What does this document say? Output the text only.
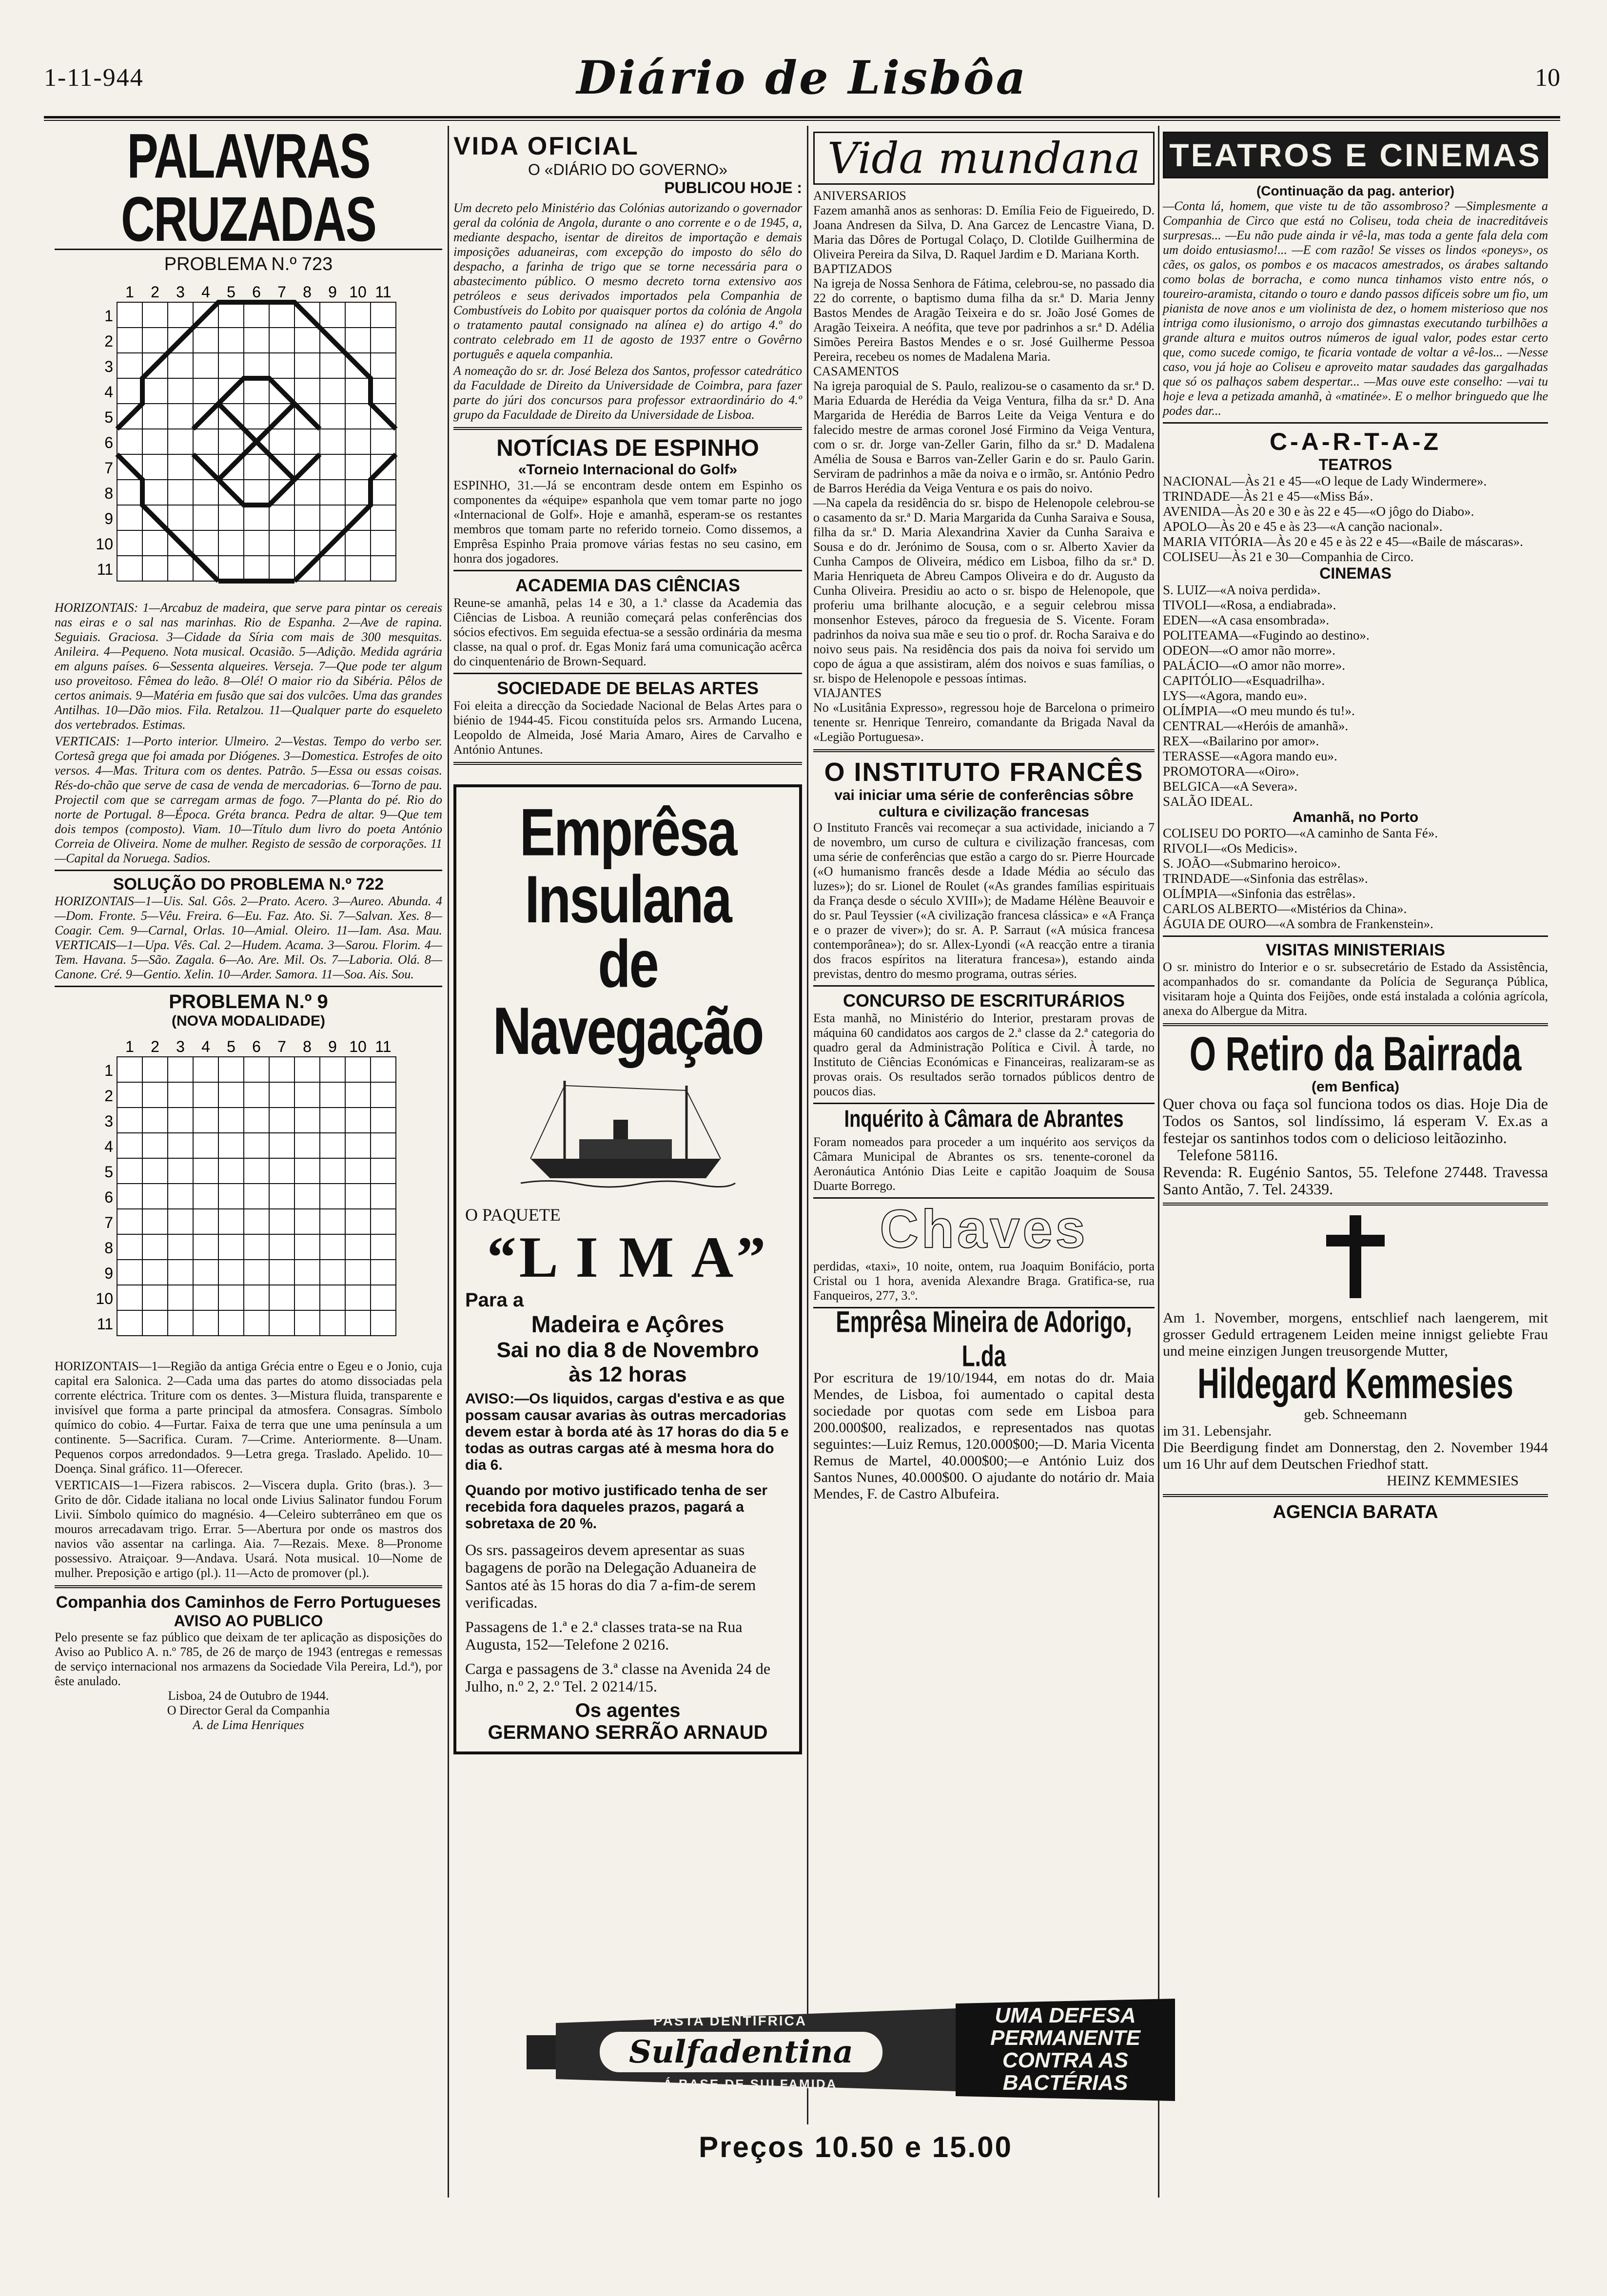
1-11-944	Diário de Lisbôa	10
PALAVRAS CRUZADAS
PROBLEMA N.º 723
1
1
2
2
3
3
4
4
5
5
6
6
7
7
8
8
9
9
10
10
11
11
HORIZONTAIS: 1—Arcabuz de madeira, que serve para pintar os cereais nas eiras e o sal nas marinhas. Rio de Espanha. 2—Ave de rapina. Seguiais. Graciosa. 3—Cidade da Síria com mais de 300 mesquitas. Anileira. 4—Pequeno. Nota musical. Ocasião. 5—Adição. Medida agrária em alguns países. 6—Sessenta alqueires. Verseja. 7—Que pode ter algum uso proveitoso. Fêmea do leão. 8—Olé! O maior rio da Sibéria. Pêlos de certos animais. 9—Matéria em fusão que sai dos vulcões. Uma das grandes Antilhas. 10—Dão mios. Fila. Retalzou. 11—Qualquer parte do esqueleto dos vertebrados. Estimas.
VERTICAIS: 1—Porto interior. Ulmeiro. 2—Vestas. Tempo do verbo ser. Cortesã grega que foi amada por Diógenes. 3—Domestica. Estrofes de oito versos. 4—Mas. Tritura com os dentes. Patrão. 5—Essa ou essas coisas. Rés-do-chão que serve de casa de venda de mercadorias. 6—Torno de pau. Projectil com que se carregam armas de fogo. 7—Planta do pé. Rio do norte de Portugal. 8—Época. Gréta branca. Pedra de altar. 9—Que tem dois tempos (composto). Viam. 10—Título dum livro do poeta António Correia de Oliveira. Nome de mulher. Registo de sessão de corporações. 11—Capital da Noruega. Sadios.
SOLUÇÃO DO PROBLEMA N.º 722
HORIZONTAIS—1—Uis. Sal. Gôs. 2—Prato. Acero. 3—Aureo. Abunda. 4—Dom. Fronte. 5—Vêu. Freira. 6—Eu. Faz. Ato. Si. 7—Salvan. Xes. 8—Coagir. Cem. 9—Carnal, Orlas. 10—Amial. Oleiro. 11—Iam. Asa. Mau. VERTICAIS—1—Upa. Vês. Cal. 2—Hudem. Acama. 3—Sarou. Florim. 4—Tem. Havana. 5—São. Zagala. 6—Ao. Are. Mil. Os. 7—Laboria. Olá. 8—Canone. Cré. 9—Gentio. Xelin. 10—Arder. Samora. 11—Soa. Ais. Sou.
PROBLEMA N.º 9
(NOVA MODALIDADE)
1
1
2
2
3
3
4
4
5
5
6
6
7
7
8
8
9
9
10
10
11
11
HORIZONTAIS—1—Região da antiga Grécia entre o Egeu e o Jonio, cuja capital era Salonica. 2—Cada uma das partes do atomo dissociadas pela corrente eléctrica. Triture com os dentes. 3—Mistura fluida, transparente e invisível que forma a parte principal da atmosfera. Consagras. Símbolo químico do cobio. 4—Furtar. Faixa de terra que une uma península a um continente. 5—Sacrifica. Curam. 7—Crime. Anteriormente. 8—Unam. Pequenos corpos arredondados. 9—Letra grega. Traslado. Apelido. 10—Doença. Sinal gráfico. 11—Oferecer.
VERTICAIS—1—Fizera rabiscos. 2—Viscera dupla. Grito (bras.). 3—Grito de dôr. Cidade italiana no local onde Livius Salinator fundou Forum Livii. Símbolo químico do magnésio. 4—Celeiro subterrâneo em que os mouros arrecadavam trigo. Errar. 5—Abertura por onde os mastros dos navios vão assentar na carlinga. Aia. 7—Rezais. Mexe. 8—Pronome possessivo. Atraiçoar. 9—Andava. Usará. Nota musical. 10—Nome de mulher. Preposição e artigo (pl.). 11—Acto de promover (pl.).
Companhia dos Caminhos de Ferro Portugueses
AVISO AO PUBLICO
Pelo presente se faz público que deixam de ter aplicação as disposições do Aviso ao Publico A. n.º 785, de 26 de março de 1943 (entregas e remessas de serviço internacional nos armazens da Sociedade Vila Pereira, Ld.ª), por êste anulado.
Lisboa, 24 de Outubro de 1944.
O Director Geral da Companhia
A. de Lima Henriques
VIDA OFICIAL
O «DIÁRIO DO GOVERNO»
PUBLICOU HOJE :
Um decreto pelo Ministério das Colónias autorizando o governador geral da colónia de Angola, durante o ano corrente e o de 1945, a, mediante despacho, isentar de direitos de importação e demais imposições aduaneiras, com excepção do imposto do sêlo do despacho, a farinha de trigo que se torne necessária para o abastecimento público. O mesmo decreto torna extensivo aos petróleos e seus derivados importados pela Companhia de Combustíveis do Lobito por quaisquer portos da colónia de Angola o tratamento pautal consignado na alínea e) do artigo 4.º do contrato celebrado em 11 de agosto de 1937 entre o Govêrno português e aquela companhia.
A nomeação do sr. dr. José Beleza dos Santos, professor catedrático da Faculdade de Direito da Universidade de Coimbra, para fazer parte do júri dos concursos para professor extraordinário do 4.º grupo da Faculdade de Direito da Universidade de Lisboa.
NOTÍCIAS DE ESPINHO
«Torneio Internacional do Golf»
ESPINHO, 31.—Já se encontram desde ontem em Espinho os componentes da «équipe» espanhola que vem tomar parte no jogo «Internacional de Golf». Hoje e amanhã, esperam-se os restantes membros que tomam parte no referido torneio. Como dissemos, a Emprêsa Espinho Praia promove várias festas no seu casino, em honra dos jogadores.
ACADEMIA DAS CIÊNCIAS
Reune-se amanhã, pelas 14 e 30, a 1.ª classe da Academia das Ciências de Lisboa. A reunião começará pelas conferências dos sócios efectivos. Em seguida efectua-se a sessão ordinária da mesma classe, na qual o prof. dr. Egas Moniz fará uma comunicação acêrca do cinquentenário de Brown-Sequard.
SOCIEDADE DE BELAS ARTES
Foi eleita a direcção da Sociedade Nacional de Belas Artes para o biénio de 1944-45. Ficou constituída pelos srs. Armando Lucena, Leopoldo de Almeida, José Maria Amaro, Aires de Carvalho e António Antunes.
Emprêsa Insulana
de Navegação
O PAQUETE
“L I M A”
Para a
Madeira e Açôres
Sai no dia 8 de Novembro
às 12 horas
AVISO:—Os liquidos, cargas d'estiva e as que possam causar avarias às outras mercadorias devem estar à borda até às 17 horas do dia 5 e todas as outras cargas até à mesma hora do dia 6.
Quando por motivo justificado tenha de ser recebida fora daqueles prazos, pagará a sobretaxa de 20 %.
Os srs. passageiros devem apresentar as suas bagagens de porão na Delegação Aduaneira de Santos até às 15 horas do dia 7 a-fim-de serem verificadas.
Passagens de 1.ª e 2.ª classes trata-se na Rua Augusta, 152—Telefone 2 0216.
Carga e passagens de 3.ª classe na Avenida 24 de Julho, n.º 2, 2.º Tel. 2 0214/15.
Os agentes
GERMANO SERRÃO ARNAUD
Vida mundana
ANIVERSARIOS
Fazem amanhã anos as senhoras: D. Emília Feio de Figueiredo, D. Joana Andresen da Silva, D. Ana Garcez de Lencastre Viana, D. Maria das Dôres de Portugal Colaço, D. Clotilde Guilhermina de Oliveira Pereira da Silva, D. Raquel Jardim e D. Mariana Korth.
BAPTIZADOS
Na igreja de Nossa Senhora de Fátima, celebrou-se, no passado dia 22 do corrente, o baptismo duma filha da sr.ª D. Maria Jenny Bastos Mendes de Aragão Teixeira e do sr. João José Gomes de Aragão Teixeira. A neófita, que teve por padrinhos a sr.ª D. Adélia Simões Pereira Bastos Mendes e o sr. José Guilherme Pessoa Pereira, recebeu os nomes de Madalena Maria.
CASAMENTOS
Na igreja paroquial de S. Paulo, realizou-se o casamento da sr.ª D. Maria Eduarda de Herédia da Veiga Ventura, filha da sr.ª D. Ana Margarida de Herédia de Barros Leite da Veiga Ventura e do falecido mestre de armas coronel José Firmino da Veiga Ventura, com o sr. dr. Jorge van-Zeller Garin, filho da sr.ª D. Madalena Amélia de Sousa e Barros van-Zeller Garin e do sr. Paulo Garin. Serviram de padrinhos a mãe da noiva e o irmão, sr. António Pedro de Barros Herédia da Veiga Ventura e os pais do noivo.
—Na capela da residência do sr. bispo de Helenopole celebrou-se o casamento da sr.ª D. Maria Margarida da Cunha Saraiva e Sousa, filha da sr.ª D. Maria Alexandrina Xavier da Cunha Saraiva e Sousa e do dr. Jerónimo de Sousa, com o sr. Alberto Xavier da Cunha Campos de Oliveira, médico em Lisboa, filho da sr.ª D. Maria Henriqueta de Abreu Campos Oliveira e do dr. Augusto da Cunha Oliveira. Presidiu ao acto o sr. bispo de Helenopole, que proferiu uma brilhante alocução, e a seguir celebrou missa monsenhor Esteves, pároco da freguesia de S. Vicente. Foram padrinhos da noiva sua mãe e seu tio o prof. dr. Rocha Saraiva e do noivo seus pais. Na residência dos pais da noiva foi servido um copo de água a que assistiram, além dos noivos e suas famílias, o sr. bispo de Helenopole e pessoas íntimas.
VIAJANTES
No «Lusitânia Expresso», regressou hoje de Barcelona o primeiro tenente sr. Henrique Tenreiro, comandante da Brigada Naval da «Legião Portuguesa».
O INSTITUTO FRANCÊS
vai iniciar uma série de conferências sôbre cultura e civilização francesas
O Instituto Francês vai recomeçar a sua actividade, iniciando a 7 de novembro, um curso de cultura e civilização francesas, com uma série de conferências que estão a cargo do sr. Pierre Hourcade («O humanismo francês desde a Idade Média ao século das luzes»); do sr. Lionel de Roulet («As grandes famílias espirituais da França desde o século XVIII»); de Madame Hélène Beauvoir e do sr. Paul Teyssier («A civilização francesa clássica» e «A França e o prazer de viver»); do sr. A. P. Sarraut («A música francesa contemporânea»); do sr. Allex-Lyondi («A reacção entre a tirania dos fracos espíritos na literatura francesa»), estando ainda previstas, dentro do mesmo programa, outras séries.
CONCURSO DE ESCRITURÁRIOS
Esta manhã, no Ministério do Interior, prestaram provas de máquina 60 candidatos aos cargos de 2.ª classe da 2.ª categoria do quadro geral da Administração Política e Civil. À tarde, no Instituto de Ciências Económicas e Financeiras, realizaram-se as provas orais. Os resultados serão tornados públicos dentro de poucos dias.
Inquérito à Câmara de Abrantes
Foram nomeados para proceder a um inquérito aos serviços da Câmara Municipal de Abrantes os srs. tenente-coronel da Aeronáutica António Dias Leite e capitão Joaquim de Sousa Duarte Borrego.
Chaves
perdidas, «taxi», 10 noite, ontem, rua Joaquim Bonifácio, porta Cristal ou 1 hora, avenida Alexandre Braga. Gratifica-se, rua Fanqueiros, 277, 3.º.
Emprêsa Mineira de Adorigo, L.da
Por escritura de 19/10/1944, em notas do dr. Maia Mendes, de Lisboa, foi aumentado o capital desta sociedade por quotas com sede em Lisboa para 200.000$00, realizados, e representados nas quotas seguintes:—Luiz Remus, 120.000$00;—D. Maria Vicenta Remus de Martel, 40.000$00;—e António Luiz dos Santos Nunes, 40.000$00. O ajudante do notário dr. Maia Mendes, F. de Castro Albufeira.
TEATROS E CINEMAS
(Continuação da pag. anterior)
—Conta lá, homem, que viste tu de tão assombroso? —Simplesmente a Companhia de Circo que está no Coliseu, toda cheia de inacreditáveis surpresas... —Eu não pude ainda ir vê-la, mas toda a gente fala dela com um doido entusiasmo!... —E com razão! Se visses os lindos «poneys», os cães, os galos, os pombos e os macacos amestrados, os árabes saltando como bolas de borracha, e como nunca tinhamos visto entre nós, o toureiro-aramista, citando o touro e dando passos difíceis sobre um fio, um pianista de nove anos e um violinista de dez, o homem misterioso que nos intriga como ilusionismo, o arrojo dos gimnastas executando turbilhões a grande altura e muitos outros números de igual valor, podes estar certo que, como sucede comigo, te ficaria vontade de voltar a vê-los... —Nesse caso, vou já hoje ao Coliseu e aproveito matar saudades das gargalhadas que só os palhaços sabem despertar... —Mas ouve este conselho: —vai tu hoje e leva a petizada amanhã, à «matinée». E o melhor bringuedo que lhe podes dar...
C-A-R-T-A-Z
TEATROS
NACIONAL—Às 21 e 45—«O leque de Lady Windermere».
TRINDADE—Às 21 e 45—«Miss Bá».
AVENIDA—Às 20 e 30 e às 22 e 45—«O jôgo do Diabo».
APOLO—Às 20 e 45 e às 23—«A canção nacional».
MARIA VITÓRIA—Às 20 e 45 e às 22 e 45—«Baile de máscaras».
COLISEU—Às 21 e 30—Companhia de Circo.
CINEMAS
S. LUIZ—«A noiva perdida».
TIVOLI—«Rosa, a endiabrada».
EDEN—«A casa ensombrada».
POLITEAMA—«Fugindo ao destino».
ODEON—«O amor não morre».
PALÁCIO—«O amor não morre».
CAPITÓLIO—«Esquadrilha».
LYS—«Agora, mando eu».
OLÍMPIA—«O meu mundo és tu!».
CENTRAL—«Heróis de amanhã».
REX—«Bailarino por amor».
TERASSE—«Agora mando eu».
PROMOTORA—«Oiro».
BELGICA—«A Severa».
SALÃO IDEAL.
Amanhã, no Porto
COLISEU DO PORTO—«A caminho de Santa Fé».
RIVOLI—«Os Medicis».
S. JOÃO—«Submarino heroico».
TRINDADE—«Sinfonia das estrêlas».
OLÍMPIA—«Sinfonia das estrêlas».
CARLOS ALBERTO—«Mistérios da China».
ÁGUIA DE OURO—«A sombra de Frankenstein».
VISITAS MINISTERIAIS
O sr. ministro do Interior e o sr. subsecretário de Estado da Assistência, acompanhados do sr. comandante da Polícia de Segurança Pública, visitaram hoje a Quinta dos Feijões, onde está instalada a colónia agrícola, anexa do Albergue da Mitra.
O Retiro da Bairrada
(em Benfica)
Quer chova ou faça sol funciona todos os dias. Hoje Dia de Todos os Santos, sol lindíssimo, lá esperam V. Ex.as a festejar os santinhos todos com o delicioso leitãozinho.
Telefone 58116.
Revenda: R. Eugénio Santos, 55. Telefone 27448. Travessa Santo Antão, 7. Tel. 24339.
Am 1. November, morgens, entschlief nach laengerem, mit grosser Geduld ertragenem Leiden meine innigst geliebte Frau und meine einzigen Jungen treusorgende Mutter,
Hildegard Kemmesies
geb. Schneemann
im 31. Lebensjahr.
Die Beerdigung findet am Donnerstag, den 2. November 1944 um 16 Uhr auf dem Deutschen Friedhof statt.
HEINZ KEMMESIES
AGENCIA BARATA
PASTA DENTÍFRICA
Sulfadentina
Á BASE DE SULFAMIDA
UMA DEFESA PERMANENTE CONTRA AS BACTÉRIAS
Preços 10.50 e 15.00
